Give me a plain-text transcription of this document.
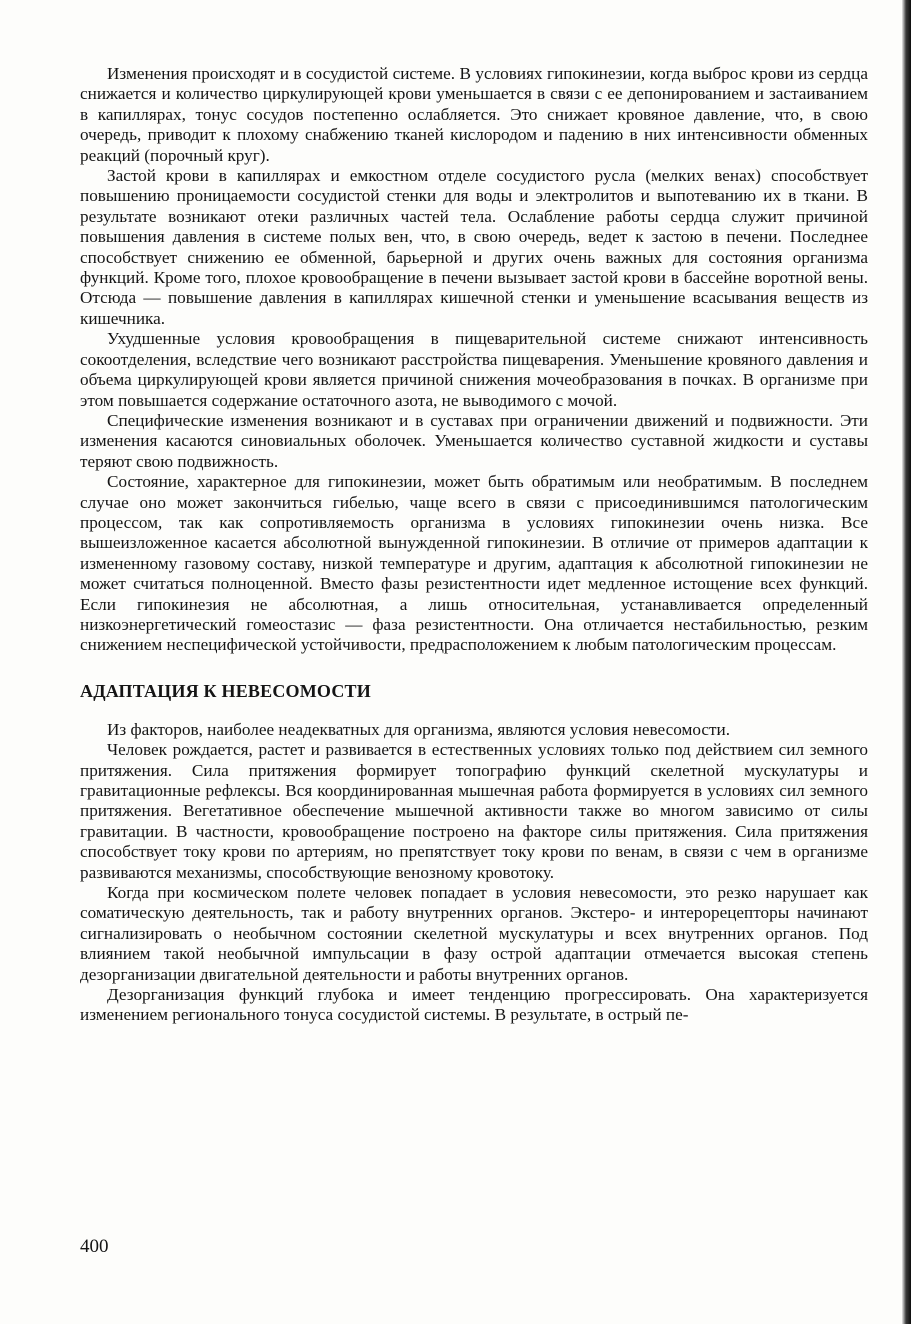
Изменения происходят и в сосудистой системе. В условиях гипокинезии, когда выброс крови из сердца снижается и количество циркулирующей крови уменьшается в связи с ее депонированием и застаиванием в капиллярах, тонус сосудов постепенно ослабляется. Это снижает кровяное давление, что, в свою очередь, приводит к плохому снабжению тканей кислородом и падению в них интенсивности обменных реакций (порочный круг).

Застой крови в капиллярах и емкостном отделе сосудистого русла (мелких венах) способствует повышению проницаемости сосудистой стенки для воды и электролитов и выпотеванию их в ткани. В результате возникают отеки различных частей тела. Ослабление работы сердца служит причиной повышения давления в системе полых вен, что, в свою очередь, ведет к застою в печени. Последнее способствует снижению ее обменной, барьерной и других очень важных для состояния организма функций. Кроме того, плохое кровообращение в печени вызывает застой крови в бассейне воротной вены. Отсюда — повышение давления в капиллярах кишечной стенки и уменьшение всасывания веществ из кишечника.

Ухудшенные условия кровообращения в пищеварительной системе снижают интенсивность сокоотделения, вследствие чего возникают расстройства пищеварения. Уменьшение кровяного давления и объема циркулирующей крови является причиной снижения мочеобразования в почках. В организме при этом повышается содержание остаточного азота, не выводимого с мочой.

Специфические изменения возникают и в суставах при ограничении движений и подвижности. Эти изменения касаются синовиальных оболочек. Уменьшается количество суставной жидкости и суставы теряют свою подвижность.

Состояние, характерное для гипокинезии, может быть обратимым или необратимым. В последнем случае оно может закончиться гибелью, чаще всего в связи с присоединившимся патологическим процессом, так как сопротивляемость организма в условиях гипокинезии очень низка. Все вышеизложенное касается абсолютной вынужденной гипокинезии. В отличие от примеров адаптации к измененному газовому составу, низкой температуре и другим, адаптация к абсолютной гипокинезии не может считаться полноценной. Вместо фазы резистентности идет медленное истощение всех функций. Если гипокинезия не абсолютная, а лишь относительная, устанавливается определенный низкоэнергетический гомеостазис — фаза резистентности. Она отличается нестабильностью, резким снижением неспецифической устойчивости, предрасположением к любым патологическим процессам.

АДАПТАЦИЯ К НЕВЕСОМОСТИ

Из факторов, наиболее неадекватных для организма, являются условия невесомости.

Человек рождается, растет и развивается в естественных условиях только под действием сил земного притяжения. Сила притяжения формирует топографию функций скелетной мускулатуры и гравитационные рефлексы. Вся координированная мышечная работа формируется в условиях сил земного притяжения. Вегетативное обеспечение мышечной активности также во многом зависимо от силы гравитации. В частности, кровообращение построено на факторе силы притяжения. Сила притяжения способствует току крови по артериям, но препятствует току крови по венам, в связи с чем в организме развиваются механизмы, способствующие венозному кровотоку.

Когда при космическом полете человек попадает в условия невесомости, это резко нарушает как соматическую деятельность, так и работу внутренних органов. Экстеро- и интерорецепторы начинают сигнализировать о необычном состоянии скелетной мускулатуры и всех внутренних органов. Под влиянием такой необычной импульсации в фазу острой адаптации отмечается высокая степень дезорганизации двигательной деятельности и работы внутренних органов.

Дезорганизация функций глубока и имеет тенденцию прогрессировать. Она характеризуется изменением регионального тонуса сосудистой системы. В результате, в острый пе-

400
